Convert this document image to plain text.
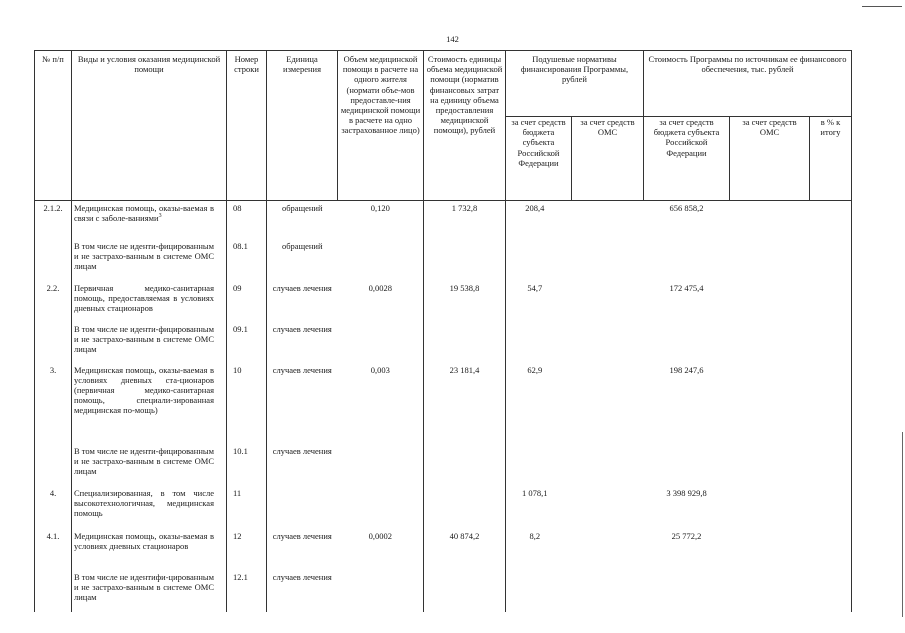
142
№ п/п	Виды и условия оказания медицинской помощи	Номер строки	Единица измерения	Объем медицинской помощи в расчете на одного жителя (нормати объе-мов предоставле-ния медицинской помощи в расчете на одно застрахованное лицо)	Стоимость единицы объема медицинской помощи (норматив финансовых затрат на единицу объема предоставления медицинской помощи), рублей	Подушевые нормативы финансирования Программы, рублей		Стоимость Программы по источникам ее финансового обеспечения, тыс. рублей		
						за счет средств бюджета субъекта Российской Федерации	за счет средств ОМС	за счет средств бюджета субъекта Российской Федерации	за счет средств ОМС	в % к итогу
2.1.2.	Медицинская помощь, оказы-ваемая в связи с заболе-ваниями$^3$	08	обращений	0,120	1 732,8	208,4		656 858,2		
	В том числе не иденти-фицированным и не застрахо-ванным в системе ОМС лицам	08.1	обращений							
2.2.	Первичная медико-санитарная помощь, предоставляемая в условиях дневных стационаров	09	случаев лечения	0,0028	19 538,8	54,7		172 475,4		
	В том числе не иденти-фицированным и не застрахо-ванным в системе ОМС лицам	09.1	случаев лечения							
3.	Медицинская помощь, оказы-ваемая в условиях дневных ста-ционаров (первичная медико-санитарная помощь, специали-зированная медицинская по-мощь)	10	случаев лечения	0,003	23 181,4	62,9		198 247,6		
	В том числе не иденти-фицированным и не застрахо-ванным в системе ОМС лицам	10.1	случаев лечения							
4.	Специализированная, в том числе высокотехнологичная, медицинская помощь	11				1 078,1		3 398 929,8		
4.1.	Медицинская помощь, оказы-ваемая в условиях дневных стационаров	12	случаев лечения	0,0002	40 874,2	8,2		25 772,2		
	В том числе не идентифи-цированным и не застрахо-ванным в системе ОМС лицам	12.1	случаев лечения							
